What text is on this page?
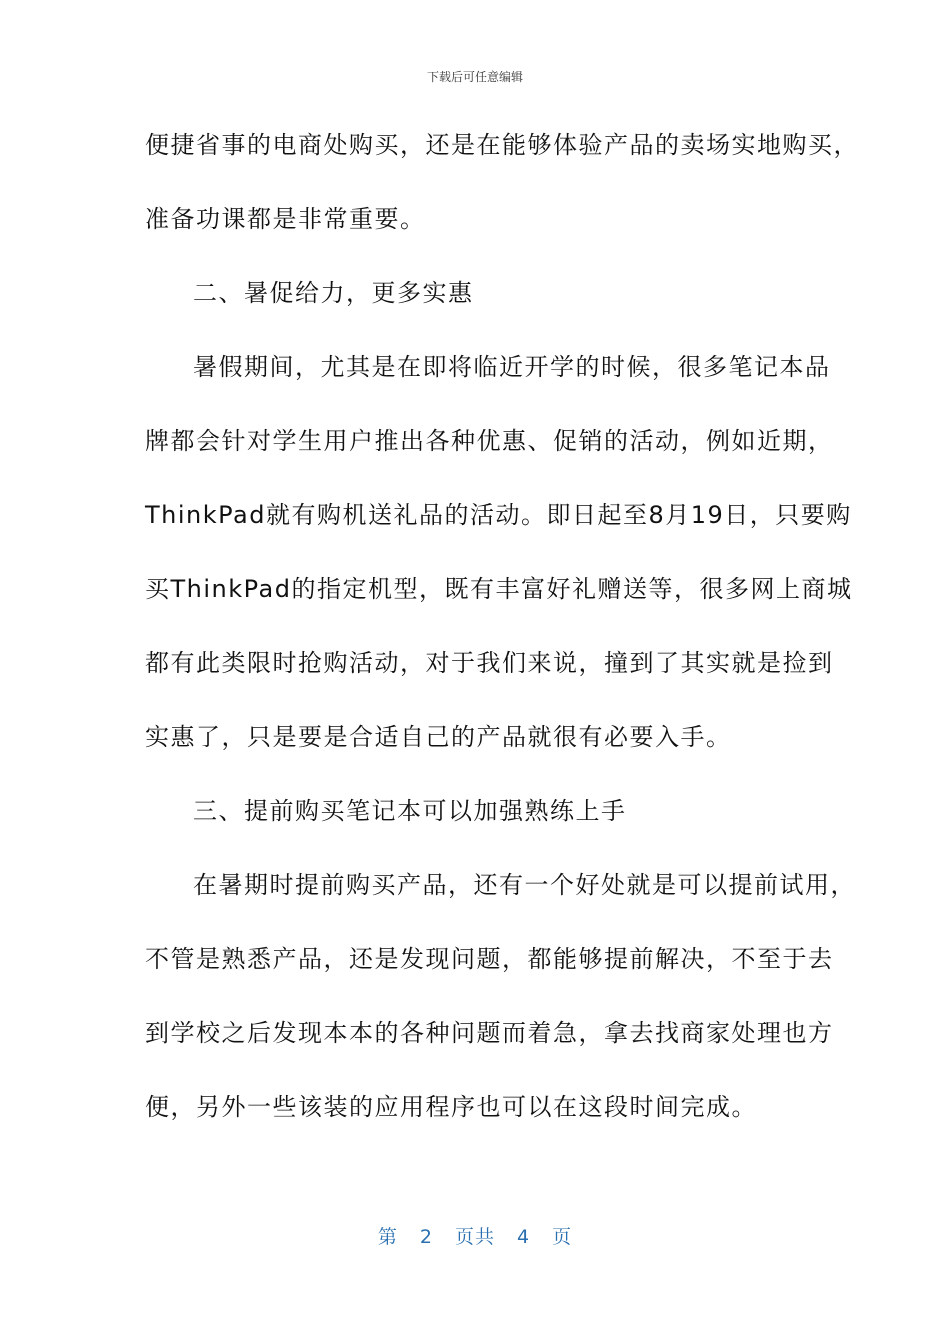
下载后可任意编辑
便捷省事的电商处购买，还是在能够体验产品的卖场实地购买，
准备功课都是非常重要。
二、暑促给力，更多实惠
暑假期间，尤其是在即将临近开学的时候，很多笔记本品
牌都会针对学生用户推出各种优惠、促销的活动，例如近期，
ThinkPad就有购机送礼品的活动。即日起至8月19日，只要购
买ThinkPad的指定机型，既有丰富好礼赠送等，很多网上商城
都有此类限时抢购活动，对于我们来说，撞到了其实就是捡到
实惠了，只是要是合适自己的产品就很有必要入手。
三、提前购买笔记本可以加强熟练上手
在暑期时提前购买产品，还有一个好处就是可以提前试用，
不管是熟悉产品，还是发现问题，都能够提前解决，不至于去
到学校之后发现本本的各种问题而着急，拿去找商家处理也方
便，另外一些该装的应用程序也可以在这段时间完成。
第 2 页共 4 页
